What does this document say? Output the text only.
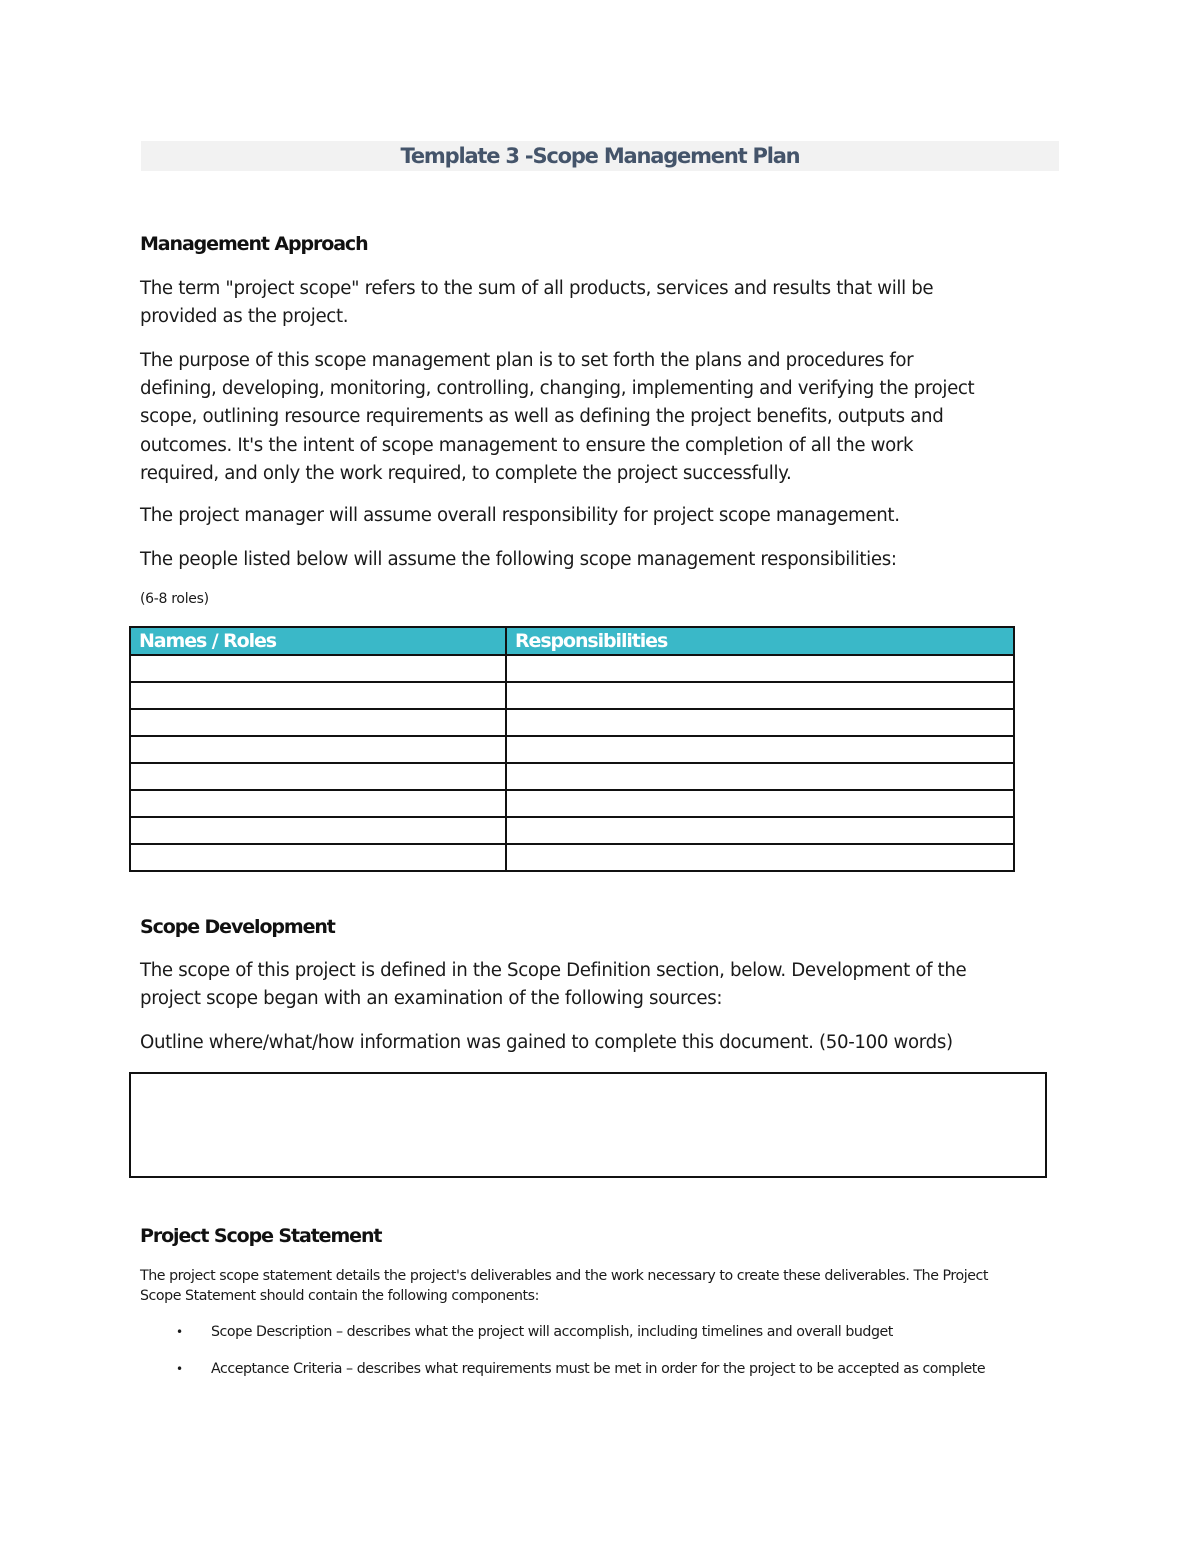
Template 3 -Scope Management Plan
Management Approach
The term "project scope" refers to the sum of all products, services and results that will be
provided as the project.
The purpose of this scope management plan is to set forth the plans and procedures for
defining, developing, monitoring, controlling, changing, implementing and verifying the project
scope, outlining resource requirements as well as defining the project benefits, outputs and
outcomes. It's the intent of scope management to ensure the completion of all the work
required, and only the work required, to complete the project successfully.
The project manager will assume overall responsibility for project scope management.
The people listed below will assume the following scope management responsibilities:
(6-8 roles)
Names / Roles	Responsibilities

Scope Development
The scope of this project is defined in the Scope Definition section, below. Development of the
project scope began with an examination of the following sources:
Outline where/what/how information was gained to complete this document. (50-100 words)
Project Scope Statement
The project scope statement details the project's deliverables and the work necessary to create these deliverables. The Project
Scope Statement should contain the following components:
• Scope Description – describes what the project will accomplish, including timelines and overall budget
• Acceptance Criteria – describes what requirements must be met in order for the project to be accepted as complete
